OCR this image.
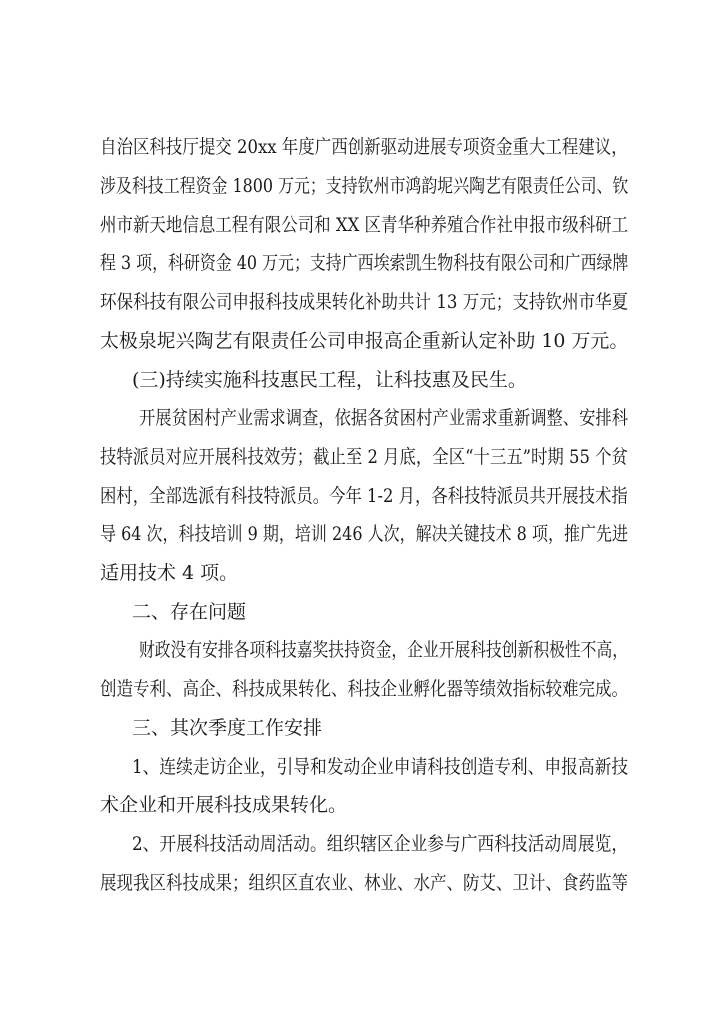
自治区科技厅提交 20xx 年度广西创新驱动进展专项资金重大工程建议，
涉及科技工程资金 1800 万元；支持钦州市鸿韵坭兴陶艺有限责任公司、钦
州市新天地信息工程有限公司和 XX 区青华种养殖合作社申报市级科研工
程 3 项，科研资金 40 万元；支持广西埃索凯生物科技有限公司和广西绿牌
环保科技有限公司申报科技成果转化补助共计 13 万元；支持钦州市华夏
太极泉坭兴陶艺有限责任公司申报高企重新认定补助 10 万元。
(三)持续实施科技惠民工程，让科技惠及民生。
开展贫困村产业需求调查，依据各贫困村产业需求重新调整、安排科
技特派员对应开展科技效劳；截止至 2 月底，全区“十三五”时期 55 个贫
困村，全部选派有科技特派员。今年 1-2 月，各科技特派员共开展技术指
导 64 次，科技培训 9 期，培训 246 人次，解决关键技术 8 项，推广先进
适用技术 4 项。
二、存在问题
财政没有安排各项科技嘉奖扶持资金，企业开展科技创新积极性不高，
创造专利、高企、科技成果转化、科技企业孵化器等绩效指标较难完成。
三、其次季度工作安排
1、连续走访企业，引导和发动企业申请科技创造专利、申报高新技
术企业和开展科技成果转化。
2、开展科技活动周活动。组织辖区企业参与广西科技活动周展览，
展现我区科技成果；组织区直农业、林业、水产、防艾、卫计、食药监等
